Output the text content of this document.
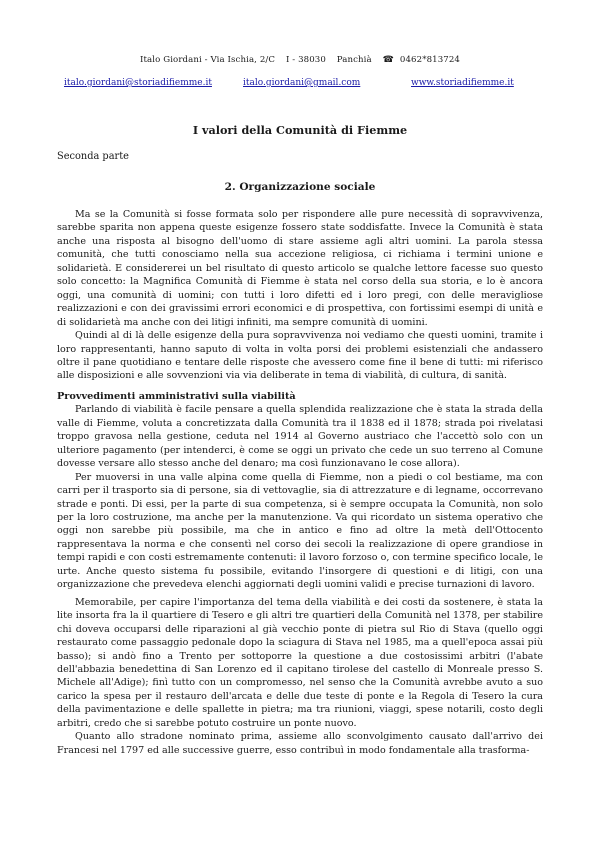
Italo Giordani - Via Ischia, 2/C I - 38030 Panchià ☎ 0462*813724
italo.giordani@storiadifiemme.it	italo.giordani@gmail.com	www.storiadifiemme.it
I valori della Comunità di Fiemme
Seconda parte
2. Organizzazione sociale

Ma se la Comunità si fosse formata solo per rispondere alle pure necessità di sopravvivenza, sarebbe sparita non appena queste esigenze fossero state soddisfatte. Invece la Comunità è stata anche una risposta al bisogno dell'uomo di stare assieme agli altri uomini. La parola stessa comunità, che tutti conosciamo nella sua accezione religiosa, ci richiama i termini unione e solidarietà. E considererei un bel risultato di questo articolo se qualche lettore facesse suo questo solo concetto: la Magnifica Comunità di Fiemme è stata nel corso della sua storia, e lo è ancora oggi, una comunità di uomini; con tutti i loro difetti ed i loro pregi, con delle meravigliose realizzazioni e con dei gravissimi errori economici e di prospettiva, con fortissimi esempi di unità e di solidarietà ma anche con dei litigi infiniti, ma sempre comunità di uomini.

Quindi al di là delle esigenze della pura sopravvivenza noi vediamo che questi uomini, tramite i loro rappresentanti, hanno saputo di volta in volta porsi dei problemi esistenziali che andassero oltre il pane quotidiano e tentare delle risposte che avessero come fine il bene di tutti: mi riferisco alle disposizioni e alle sovvenzioni via via deliberate in tema di viabilità, di cultura, di sanità.

Provvedimenti amministrativi sulla viabilità

Parlando di viabilità è facile pensare a quella splendida realizzazione che è stata la strada della valle di Fiemme, voluta a concretizzata dalla Comunità tra il 1838 ed il 1878; strada poi rivelatasi troppo gravosa nella gestione, ceduta nel 1914 al Governo austriaco che l'accettò solo con un ulteriore pagamento (per intenderci, è come se oggi un privato che cede un suo terreno al Comune dovesse versare allo stesso anche del denaro; ma così funzionavano le cose allora).

Per muoversi in una valle alpina come quella di Fiemme, non a piedi o col bestiame, ma con carri per il trasporto sia di persone, sia di vettovaglie, sia di attrezzature e di legname, occorrevano strade e ponti. Di essi, per la parte di sua competenza, si è sempre occupata la Comunità, non solo per la loro costruzione, ma anche per la manutenzione. Va qui ricordato un sistema operativo che oggi non sarebbe più possibile, ma che in antico e fino ad oltre la metà dell'Ottocento rappresentava la norma e che consentì nel corso dei secoli la realizzazione di opere grandiose in tempi rapidi e con costi estremamente contenuti: il lavoro forzoso o, con termine specifico locale, le urte. Anche questo sistema fu possibile, evitando l'insorgere di questioni e di litigi, con una organizzazione che prevedeva elenchi aggiornati degli uomini validi e precise turnazioni di lavoro.

Memorabile, per capire l'importanza del tema della viabilità e dei costi da sostenere, è stata la lite insorta fra la il quartiere di Tesero e gli altri tre quartieri della Comunità nel 1378, per stabilire chi doveva occuparsi delle riparazioni al già vecchio ponte di pietra sul Rio di Stava (quello oggi restaurato come passaggio pedonale dopo la sciagura di Stava nel 1985, ma a quell'epoca assai più basso); si andò fino a Trento per sottoporre la questione a due costosissimi arbitri (l'abate dell'abbazia benedettina di San Lorenzo ed il capitano tirolese del castello di Monreale presso S. Michele all'Adige); finì tutto con un compromesso, nel senso che la Comunità avrebbe avuto a suo carico la spesa per il restauro dell'arcata e delle due teste di ponte e la Regola di Tesero la cura della pavimentazione e delle spallette in pietra; ma tra riunioni, viaggi, spese notarili, costo degli arbitri, credo che si sarebbe potuto costruire un ponte nuovo.

Quanto allo stradone nominato prima, assieme allo sconvolgimento causato dall'arrivo dei Francesi nel 1797 ed alle successive guerre, esso contribuì in modo fondamentale alla trasforma-
